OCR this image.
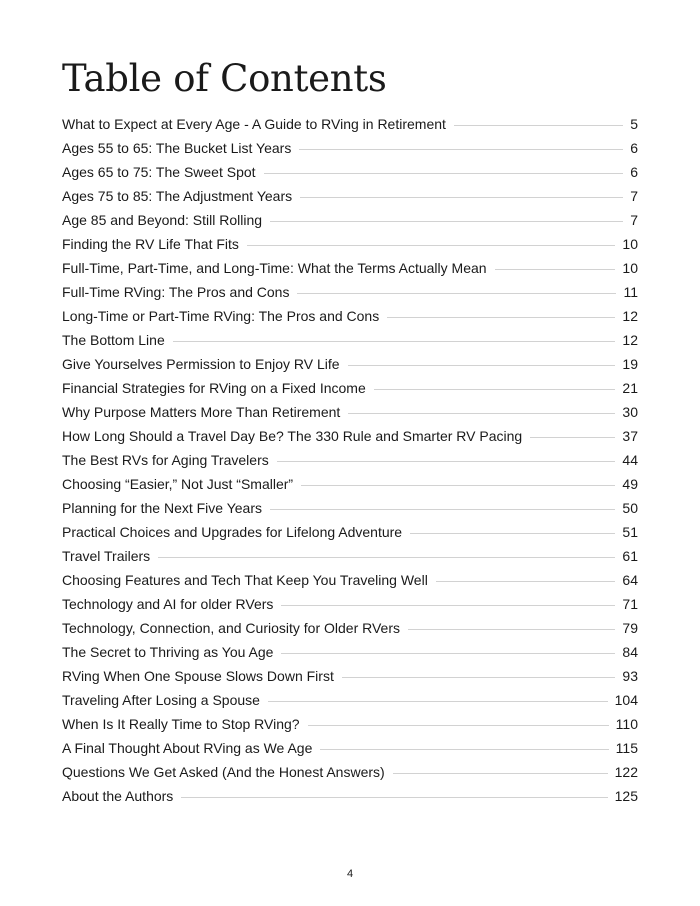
Table of Contents
What to Expect at Every Age - A Guide to RVing in Retirement	5
Ages 55 to 65: The Bucket List Years	6
Ages 65 to 75: The Sweet Spot	6
Ages 75 to 85: The Adjustment Years	7
Age 85 and Beyond: Still Rolling	7
Finding the RV Life That Fits	10
Full-Time, Part-Time, and Long-Time: What the Terms Actually Mean	10
Full-Time RVing: The Pros and Cons	11
Long-Time or Part-Time RVing: The Pros and Cons	12
The Bottom Line	12
Give Yourselves Permission to Enjoy RV Life	19
Financial Strategies for RVing on a Fixed Income	21
Why Purpose Matters More Than Retirement	30
How Long Should a Travel Day Be? The 330 Rule and Smarter RV Pacing	37
The Best RVs for Aging Travelers	44
Choosing “Easier,” Not Just “Smaller”	49
Planning for the Next Five Years	50
Practical Choices and Upgrades for Lifelong Adventure	51
Travel Trailers	61
Choosing Features and Tech That Keep You Traveling Well	64
Technology and AI for older RVers	71
Technology, Connection, and Curiosity for Older RVers	79
The Secret to Thriving as You Age	84
RVing When One Spouse Slows Down First	93
Traveling After Losing a Spouse	104
When Is It Really Time to Stop RVing?	110
A Final Thought About RVing as We Age	115
Questions We Get Asked (And the Honest Answers)	122
About the Authors	125
4
